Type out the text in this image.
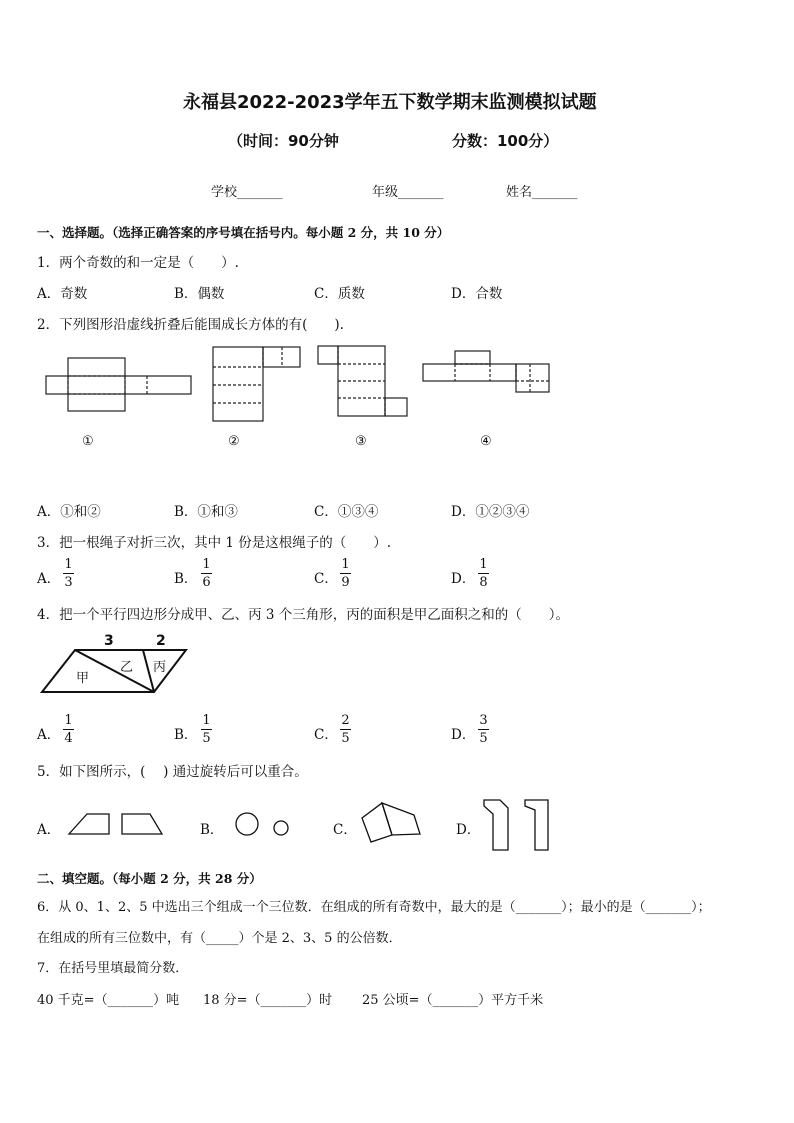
永福县2022-2023学年五下数学期末监测模拟试题
（时间：90分钟	分数：100分）
学校_______	年级_______	姓名_______
一、选择题。（选择正确答案的序号填在括号内。每小题 2 分，共 10 分）
1．两个奇数的和一定是（　　）.
A．奇数	B．偶数	C．质数	D．合数
2．下列图形沿虚线折叠后能围成长方体的有(　　).
①	②	③	④
A．①和②	B．①和③	C．①③④	D．①②③④
3．把一根绳子对折三次，其中 1 份是这根绳子的（　　）.
A．
1
3	B．
1
6	C．
1
9	D．
1
8
4．把一个平行四边形分成甲、乙、丙 3 个三角形，丙的面积是甲乙面积之和的（　　）。
3	2
甲
乙 丙
A．
1
4	B．
1
5	C．
2
5	D．
3
5
5．如下图所示，(　 ) 通过旋转后可以重合。
A．	B．	C．	D．
二、填空题。（每小题 2 分，共 28 分）
6．从 0、1、2、5 中选出三个组成一个三位数．在组成的所有奇数中，最大的是（_______）；最小的是（_______）；
在组成的所有三位数中，有（_____）个是 2、3、5 的公倍数．
7．在括号里填最简分数．
40 千克=（_______）吨 18 分=（_______）时 25 公顷=（_______）平方千米
